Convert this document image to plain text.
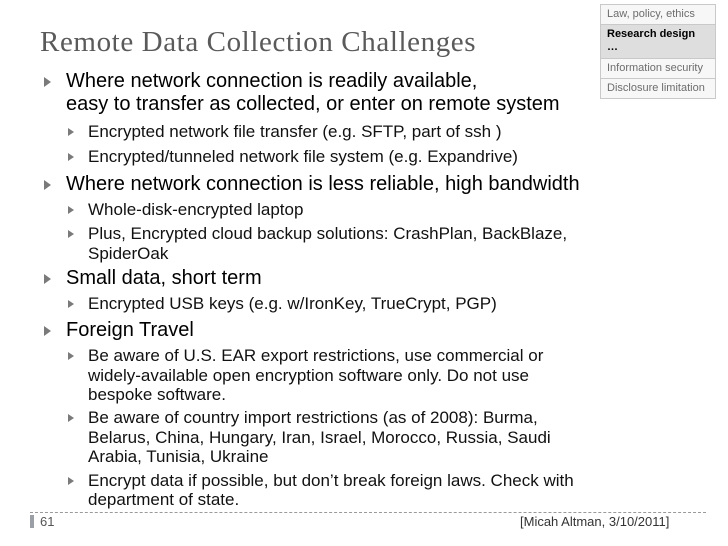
Remote Data Collection Challenges
Law, policy, ethics
Research design …
Information security
Disclosure limitation
Where network connection is readily available,
easy to transfer as collected, or enter on remote system
Encrypted network file transfer (e.g. SFTP, part of ssh )
Encrypted/tunneled network file system (e.g. Expandrive)
Where network connection is less reliable, high bandwidth
Whole-disk-encrypted laptop
Plus, Encrypted cloud backup solutions: CrashPlan, BackBlaze,
SpiderOak
Small data, short term
Encrypted USB keys (e.g. w/IronKey, TrueCrypt, PGP)
Foreign Travel
Be aware of U.S. EAR export restrictions, use commercial or
widely-available open encryption software only. Do not use
bespoke software.
Be aware of country import restrictions (as of 2008): Burma,
Belarus, China, Hungary, Iran, Israel, Morocco, Russia, Saudi
Arabia, Tunisia, Ukraine
Encrypt data if possible, but don’t break foreign laws. Check with
department of state.
61	[Micah Altman, 3/10/2011]
